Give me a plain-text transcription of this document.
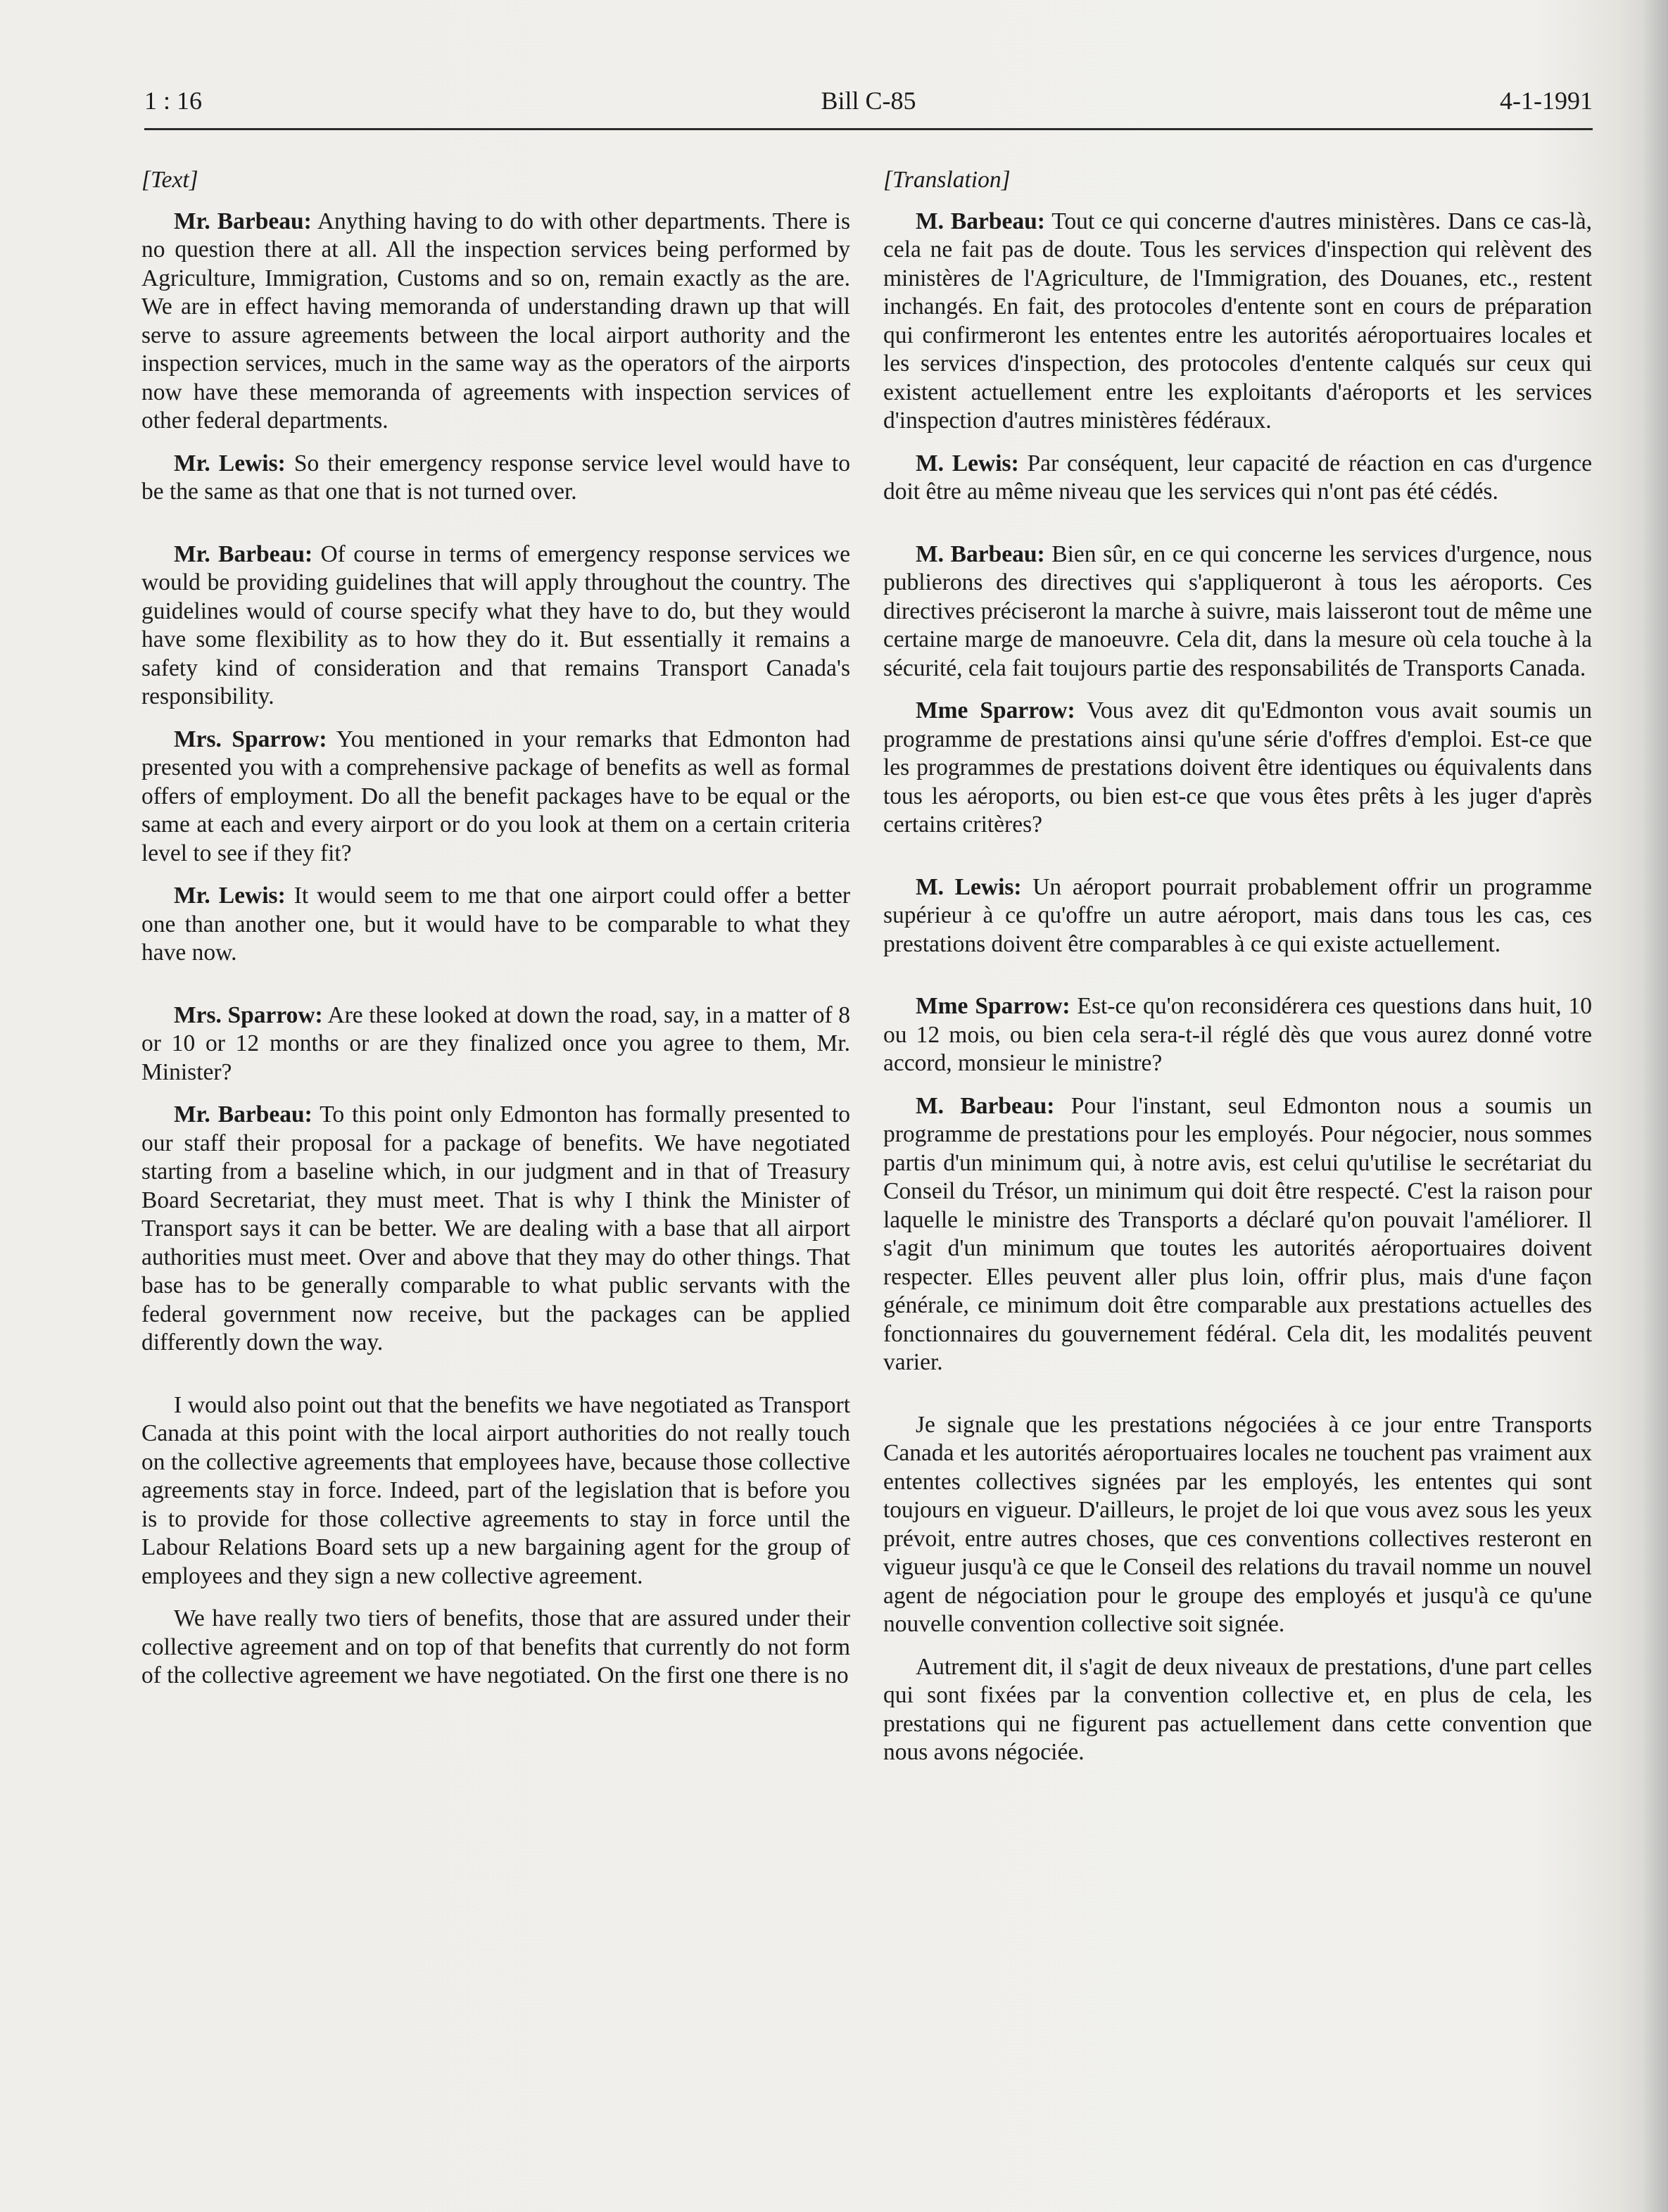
1 : 16	Bill C-85	4-1-1991
[Text]

Mr. Barbeau: Anything having to do with other departments. There is no question there at all. All the inspection services being performed by Agriculture, Immigration, Customs and so on, remain exactly as the are. We are in effect having memoranda of understanding drawn up that will serve to assure agreements between the local airport authority and the inspection services, much in the same way as the operators of the airports now have these memoranda of agreements with inspection services of other federal departments.

Mr. Lewis: So their emergency response service level would have to be the same as that one that is not turned over.

Mr. Barbeau: Of course in terms of emergency response services we would be providing guidelines that will apply throughout the country. The guidelines would of course specify what they have to do, but they would have some flexibility as to how they do it. But essentially it remains a safety kind of consideration and that remains Transport Canada's responsibility.

Mrs. Sparrow: You mentioned in your remarks that Edmonton had presented you with a comprehensive package of benefits as well as formal offers of employment. Do all the benefit packages have to be equal or the same at each and every airport or do you look at them on a certain criteria level to see if they fit?

Mr. Lewis: It would seem to me that one airport could offer a better one than another one, but it would have to be comparable to what they have now.

Mrs. Sparrow: Are these looked at down the road, say, in a matter of 8 or 10 or 12 months or are they finalized once you agree to them, Mr. Minister?

Mr. Barbeau: To this point only Edmonton has formally presented to our staff their proposal for a package of benefits. We have negotiated starting from a baseline which, in our judgment and in that of Treasury Board Secretariat, they must meet. That is why I think the Minister of Transport says it can be better. We are dealing with a base that all airport authorities must meet. Over and above that they may do other things. That base has to be generally comparable to what public servants with the federal government now receive, but the packages can be applied differently down the way.

I would also point out that the benefits we have negotiated as Transport Canada at this point with the local airport authorities do not really touch on the collective agreements that employees have, because those collective agreements stay in force. Indeed, part of the legislation that is before you is to provide for those collective agreements to stay in force until the Labour Relations Board sets up a new bargaining agent for the group of employees and they sign a new collective agreement.

We have really two tiers of benefits, those that are assured under their collective agreement and on top of that benefits that currently do not form of the collective agreement we have negotiated. On the first one there is no

[Translation]

M. Barbeau: Tout ce qui concerne d'autres ministères. Dans ce cas-là, cela ne fait pas de doute. Tous les services d'inspection qui relèvent des ministères de l'Agriculture, de l'Immigration, des Douanes, etc., restent inchangés. En fait, des protocoles d'entente sont en cours de préparation qui confirmeront les ententes entre les autorités aéroportuaires locales et les services d'inspection, des protocoles d'entente calqués sur ceux qui existent actuellement entre les exploitants d'aéroports et les services d'inspection d'autres ministères fédéraux.

M. Lewis: Par conséquent, leur capacité de réaction en cas d'urgence doit être au même niveau que les services qui n'ont pas été cédés.

M. Barbeau: Bien sûr, en ce qui concerne les services d'urgence, nous publierons des directives qui s'appliqueront à tous les aéroports. Ces directives préciseront la marche à suivre, mais laisseront tout de même une certaine marge de manoeuvre. Cela dit, dans la mesure où cela touche à la sécurité, cela fait toujours partie des responsabilités de Transports Canada.

Mme Sparrow: Vous avez dit qu'Edmonton vous avait soumis un programme de prestations ainsi qu'une série d'offres d'emploi. Est-ce que les programmes de prestations doivent être identiques ou équivalents dans tous les aéroports, ou bien est-ce que vous êtes prêts à les juger d'après certains critères?

M. Lewis: Un aéroport pourrait probablement offrir un programme supérieur à ce qu'offre un autre aéroport, mais dans tous les cas, ces prestations doivent être comparables à ce qui existe actuellement.

Mme Sparrow: Est-ce qu'on reconsidérera ces questions dans huit, 10 ou 12 mois, ou bien cela sera-t-il réglé dès que vous aurez donné votre accord, monsieur le ministre?

M. Barbeau: Pour l'instant, seul Edmonton nous a soumis un programme de prestations pour les employés. Pour négocier, nous sommes partis d'un minimum qui, à notre avis, est celui qu'utilise le secrétariat du Conseil du Trésor, un minimum qui doit être respecté. C'est la raison pour laquelle le ministre des Transports a déclaré qu'on pouvait l'améliorer. Il s'agit d'un minimum que toutes les autorités aéroportuaires doivent respecter. Elles peuvent aller plus loin, offrir plus, mais d'une façon générale, ce minimum doit être comparable aux prestations actuelles des fonctionnaires du gouvernement fédéral. Cela dit, les modalités peuvent varier.

Je signale que les prestations négociées à ce jour entre Transports Canada et les autorités aéroportuaires locales ne touchent pas vraiment aux ententes collectives signées par les employés, les ententes qui sont toujours en vigueur. D'ailleurs, le projet de loi que vous avez sous les yeux prévoit, entre autres choses, que ces conventions collectives resteront en vigueur jusqu'à ce que le Conseil des relations du travail nomme un nouvel agent de négociation pour le groupe des employés et jusqu'à ce qu'une nouvelle convention collective soit signée.

Autrement dit, il s'agit de deux niveaux de prestations, d'une part celles qui sont fixées par la convention collective et, en plus de cela, les prestations qui ne figurent pas actuellement dans cette convention que nous avons négociée.
